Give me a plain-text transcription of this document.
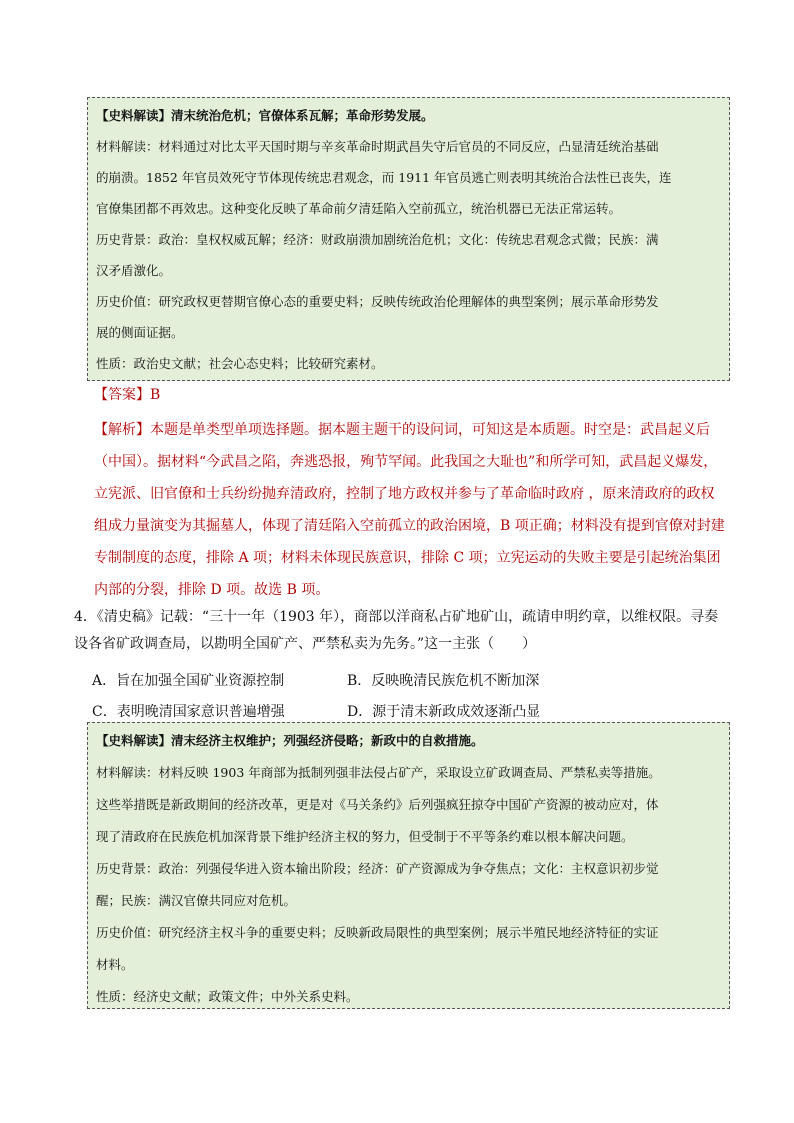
【史料解读】清末统治危机；官僚体系瓦解；革命形势发展。
材料解读：材料通过对比太平天国时期与辛亥革命时期武昌失守后官员的不同反应，凸显清廷统治基础
的崩溃。1852 年官员效死守节体现传统忠君观念，而 1911 年官员逃亡则表明其统治合法性已丧失，连
官僚集团都不再效忠。这种变化反映了革命前夕清廷陷入空前孤立，统治机器已无法正常运转。
历史背景：政治：皇权权威瓦解；经济：财政崩溃加剧统治危机；文化：传统忠君观念式微；民族：满
汉矛盾激化。
历史价值：研究政权更替期官僚心态的重要史料；反映传统政治伦理解体的典型案例；展示革命形势发
展的侧面证据。
性质：政治史文献；社会心态史料；比较研究素材。
【答案】B
【解析】本题是单类型单项选择题。据本题主题干的设问词，可知这是本质题。时空是：武昌起义后
（中国）。据材料“今武昌之陷，奔逃恐报，殉节罕闻。此我国之大耻也”和所学可知，武昌起义爆发，
立宪派、旧官僚和士兵纷纷抛弃清政府，控制了地方政权并参与了革命临时政府 ，原来清政府的政权
组成力量演变为其掘墓人，体现了清廷陷入空前孤立的政治困境，B 项正确；材料没有提到官僚对封建
专制制度的态度，排除 A 项；材料未体现民族意识，排除 C 项；立宪运动的失败主要是引起统治集团
内部的分裂，排除 D 项。故选 B 项。
4．《清史稿》记载：“三十一年（1903 年），商部以洋商私占矿地矿山，疏请申明约章，以维权限。寻奏
设各省矿政调查局，以勘明全国矿产、严禁私卖为先务。”这一主张（　　）
A．旨在加强全国矿业资源控制	B．反映晚清民族危机不断加深
C．表明晚清国家意识普遍增强	D．源于清末新政成效逐渐凸显
【史料解读】清末经济主权维护；列强经济侵略；新政中的自救措施。
材料解读：材料反映 1903 年商部为抵制列强非法侵占矿产，采取设立矿政调查局、严禁私卖等措施。
这些举措既是新政期间的经济改革，更是对《马关条约》后列强疯狂掠夺中国矿产资源的被动应对，体
现了清政府在民族危机加深背景下维护经济主权的努力，但受制于不平等条约难以根本解决问题。
历史背景：政治：列强侵华进入资本输出阶段；经济：矿产资源成为争夺焦点；文化：主权意识初步觉
醒；民族：满汉官僚共同应对危机。
历史价值：研究经济主权斗争的重要史料；反映新政局限性的典型案例；展示半殖民地经济特征的实证
材料。
性质：经济史文献；政策文件；中外关系史料。
